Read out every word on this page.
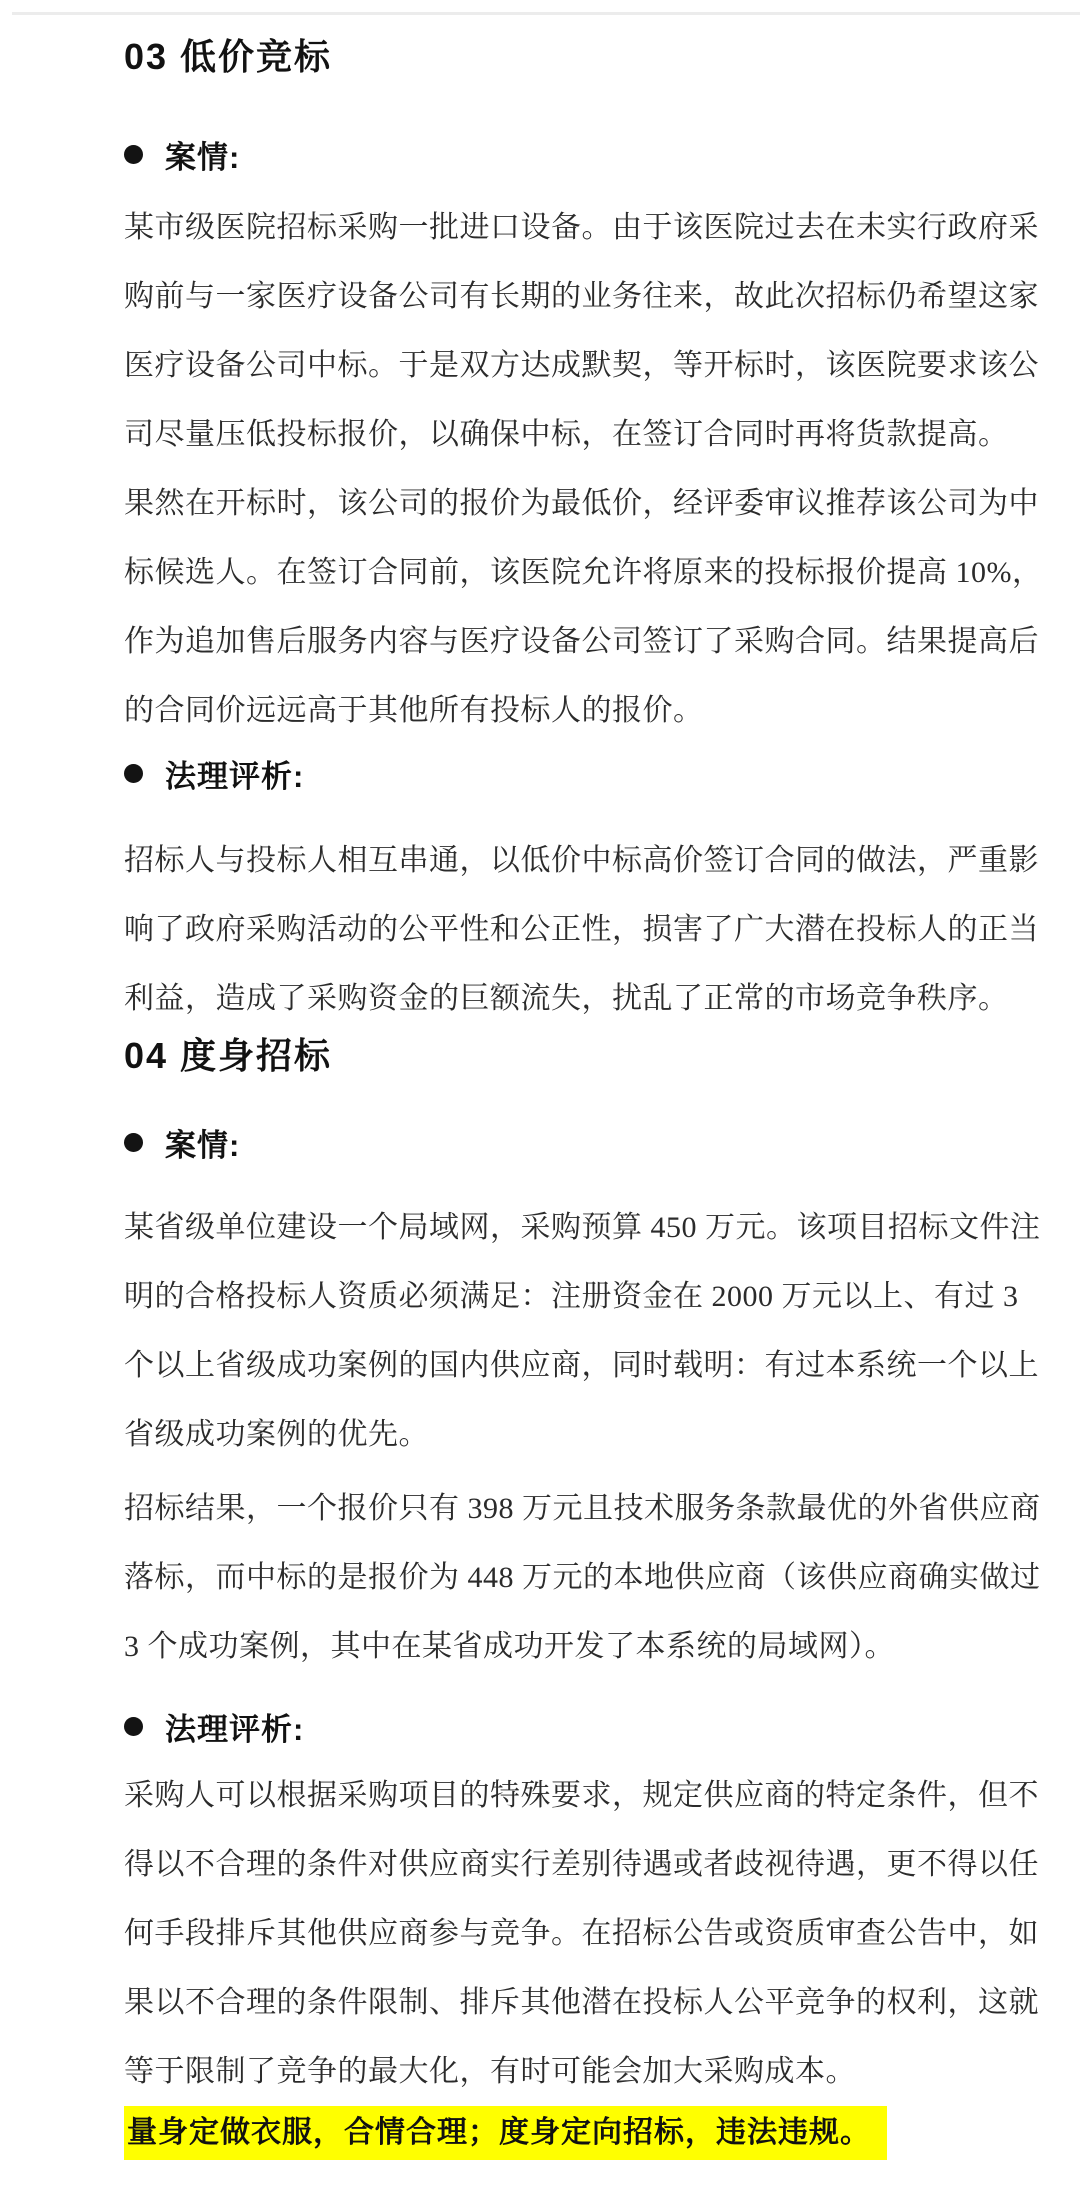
03 低价竞标
案情:
某市级医院招标采购一批进口设备。由于该医院过去在未实行政府采
购前与一家医疗设备公司有长期的业务往来，故此次招标仍希望这家
医疗设备公司中标。于是双方达成默契，等开标时，该医院要求该公
司尽量压低投标报价，以确保中标，在签订合同时再将货款提高。
果然在开标时，该公司的报价为最低价，经评委审议推荐该公司为中
标候选人。在签订合同前，该医院允许将原来的投标报价提高 10%，
作为追加售后服务内容与医疗设备公司签订了采购合同。结果提高后
的合同价远远高于其他所有投标人的报价。
法理评析:
招标人与投标人相互串通，以低价中标高价签订合同的做法，严重影
响了政府采购活动的公平性和公正性，损害了广大潜在投标人的正当
利益，造成了采购资金的巨额流失，扰乱了正常的市场竞争秩序。
04 度身招标
案情:
某省级单位建设一个局域网，采购预算 450 万元。该项目招标文件注
明的合格投标人资质必须满足：注册资金在 2000 万元以上、有过 3
个以上省级成功案例的国内供应商，同时载明：有过本系统一个以上
省级成功案例的优先。
招标结果，一个报价只有 398 万元且技术服务条款最优的外省供应商
落标，而中标的是报价为 448 万元的本地供应商（该供应商确实做过
3 个成功案例，其中在某省成功开发了本系统的局域网）。
法理评析:
采购人可以根据采购项目的特殊要求，规定供应商的特定条件，但不
得以不合理的条件对供应商实行差别待遇或者歧视待遇，更不得以任
何手段排斥其他供应商参与竞争。在招标公告或资质审查公告中，如
果以不合理的条件限制、排斥其他潜在投标人公平竞争的权利，这就
等于限制了竞争的最大化，有时可能会加大采购成本。
量身定做衣服，合情合理；度身定向招标，违法违规。
